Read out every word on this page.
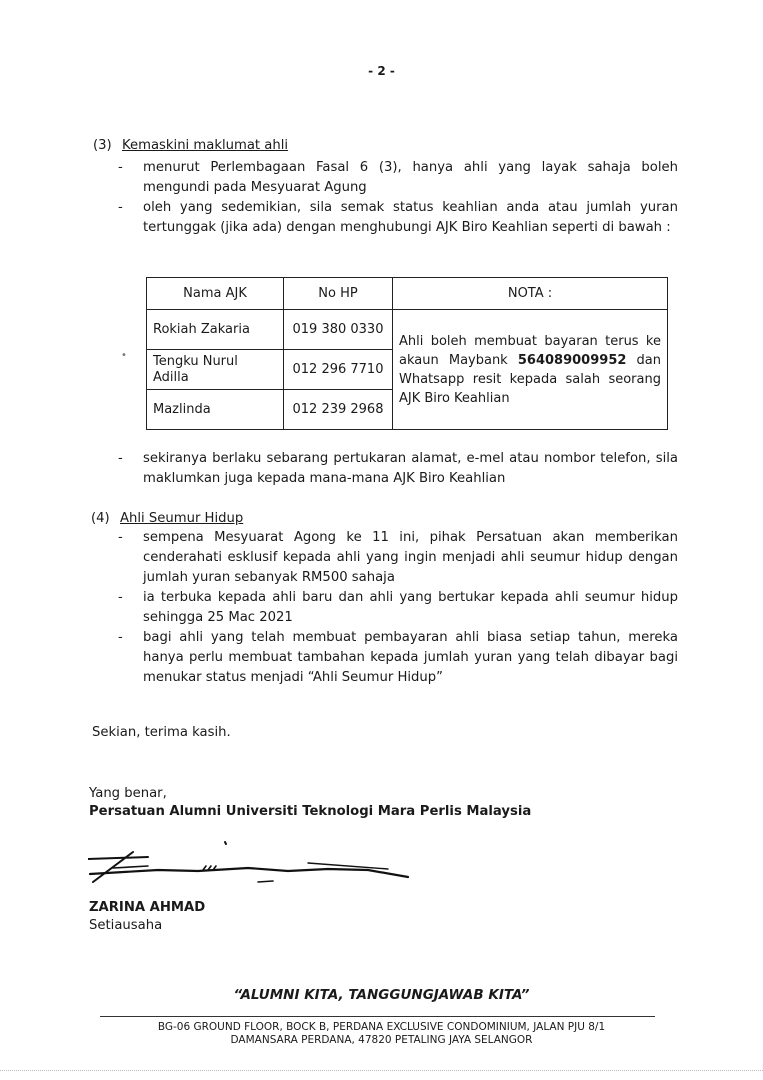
- 2 -
(3) Kemaskini maklumat ahli
- menurut Perlembagaan Fasal 6 (3), hanya ahli yang layak sahaja boleh mengundi pada Mesyuarat Agung
- oleh yang sedemikian, sila semak status keahlian anda atau jumlah yuran tertunggak (jika ada) dengan menghubungi AJK Biro Keahlian seperti di bawah :
•
Nama AJK	No HP	NOTA :
Rokiah Zakaria	019 380 0330	Ahli boleh membuat bayaran terus ke akaun Maybank 564089009952 dan Whatsapp resit kepada salah seorang AJK Biro Keahlian
Tengku Nurul Adilla	012 296 7710	
Mazlinda	012 239 2968	
- sekiranya berlaku sebarang pertukaran alamat, e-mel atau nombor telefon, sila maklumkan juga kepada mana-mana AJK Biro Keahlian
(4) Ahli Seumur Hidup
- sempena Mesyuarat Agong ke 11 ini, pihak Persatuan akan memberikan cenderahati esklusif kepada ahli yang ingin menjadi ahli seumur hidup dengan jumlah yuran sebanyak RM500 sahaja
- ia terbuka kepada ahli baru dan ahli yang bertukar kepada ahli seumur hidup sehingga 25 Mac 2021
- bagi ahli yang telah membuat pembayaran ahli biasa setiap tahun, mereka hanya perlu membuat tambahan kepada jumlah yuran yang telah dibayar bagi menukar status menjadi “Ahli Seumur Hidup”
Sekian, terima kasih.
Yang benar,
Persatuan Alumni Universiti Teknologi Mara Perlis Malaysia
ZARINA AHMAD
Setiausaha
“ALUMNI KITA, TANGGUNGJAWAB KITA”
BG-06 GROUND FLOOR, BOCK B, PERDANA EXCLUSIVE CONDOMINIUM, JALAN PJU 8/1
DAMANSARA PERDANA, 47820 PETALING JAYA SELANGOR
